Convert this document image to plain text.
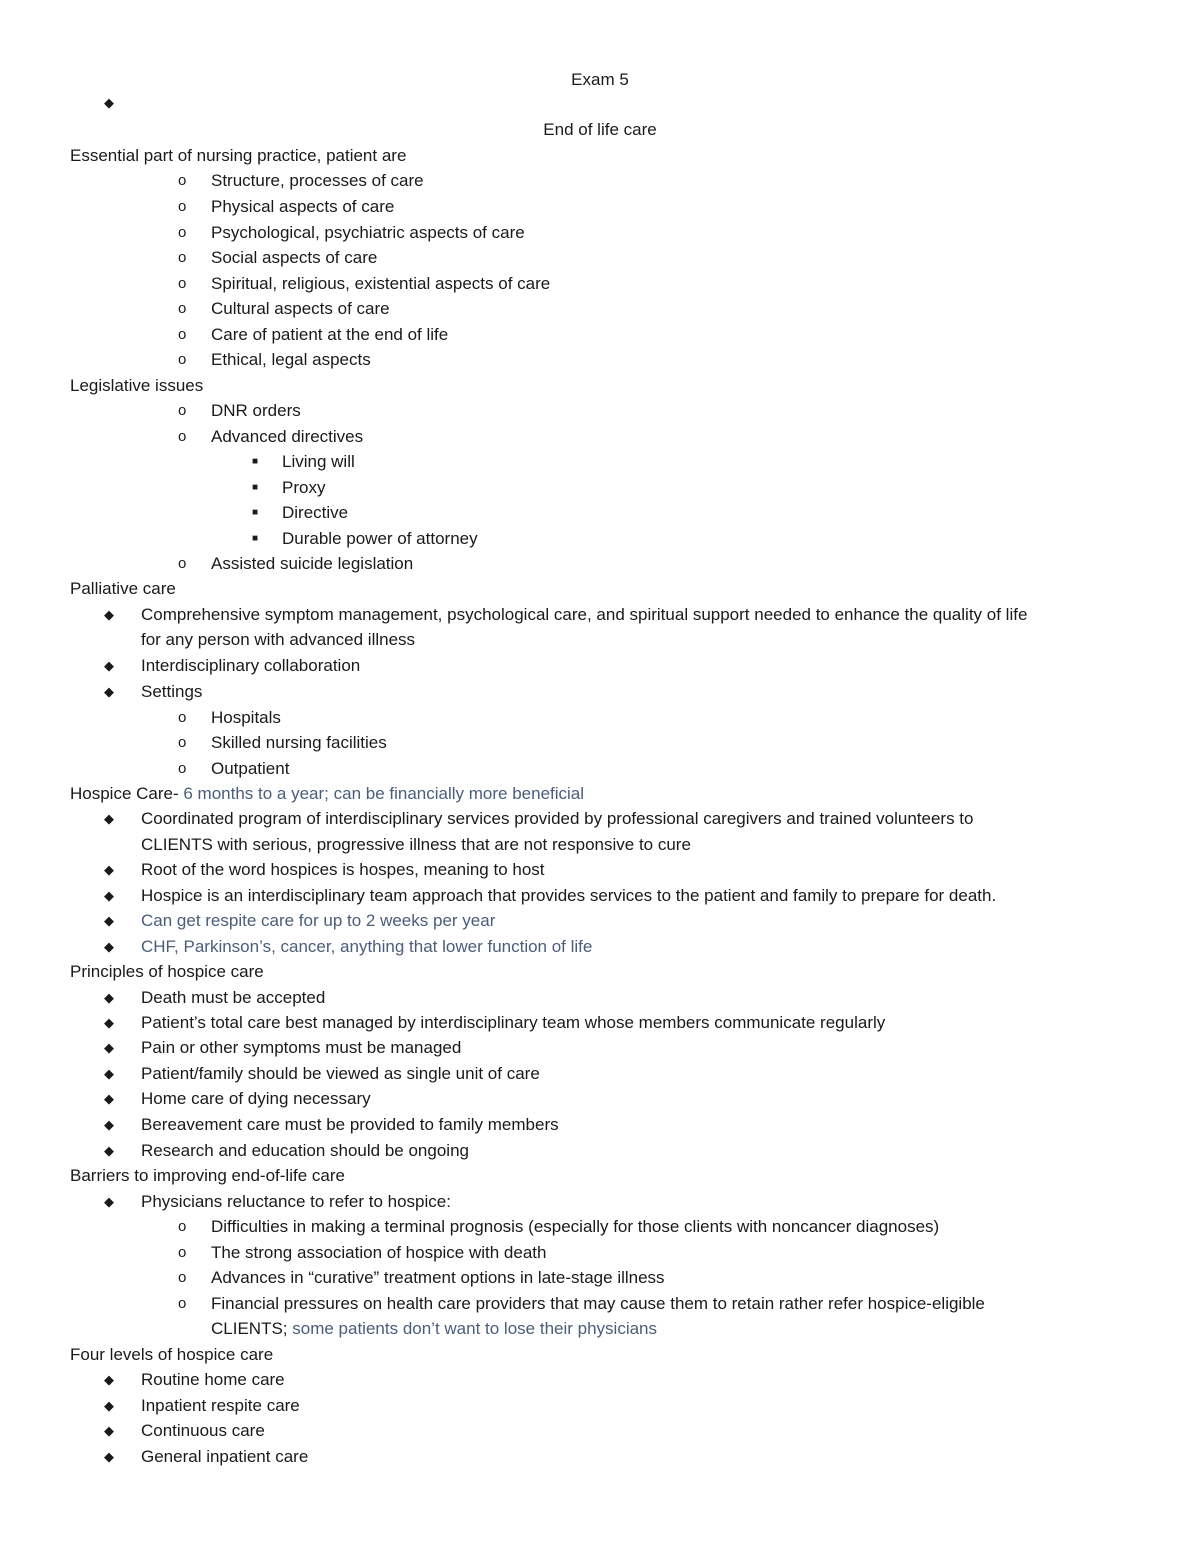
Exam 5
◆
End of life care
Essential part of nursing practice, patient are
o Structure, processes of care
o Physical aspects of care
o Psychological, psychiatric aspects of care
o Social aspects of care
o Spiritual, religious, existential aspects of care
o Cultural aspects of care
o Care of patient at the end of life
o Ethical, legal aspects
Legislative issues
o DNR orders
o Advanced directives
■ Living will
■ Proxy
■ Directive
■ Durable power of attorney
o Assisted suicide legislation
Palliative care
◆ Comprehensive symptom management, psychological care, and spiritual support needed to enhance the quality of life
for any person with advanced illness
◆ Interdisciplinary collaboration
◆ Settings
o Hospitals
o Skilled nursing facilities
o Outpatient
Hospice Care- 6 months to a year; can be financially more beneficial
◆ Coordinated program of interdisciplinary services provided by professional caregivers and trained volunteers to
CLIENTS with serious, progressive illness that are not responsive to cure
◆ Root of the word hospices is hospes, meaning to host
◆ Hospice is an interdisciplinary team approach that provides services to the patient and family to prepare for death.
◆ Can get respite care for up to 2 weeks per year
◆ CHF, Parkinson’s, cancer, anything that lower function of life
Principles of hospice care
◆ Death must be accepted
◆ Patient’s total care best managed by interdisciplinary team whose members communicate regularly
◆ Pain or other symptoms must be managed
◆ Patient/family should be viewed as single unit of care
◆ Home care of dying necessary
◆ Bereavement care must be provided to family members
◆ Research and education should be ongoing
Barriers to improving end-of-life care
◆ Physicians reluctance to refer to hospice:
o Difficulties in making a terminal prognosis (especially for those clients with noncancer diagnoses)
o The strong association of hospice with death
o Advances in “curative” treatment options in late-stage illness
o Financial pressures on health care providers that may cause them to retain rather refer hospice-eligible
CLIENTS; some patients don’t want to lose their physicians
Four levels of hospice care
◆ Routine home care
◆ Inpatient respite care
◆ Continuous care
◆ General inpatient care
